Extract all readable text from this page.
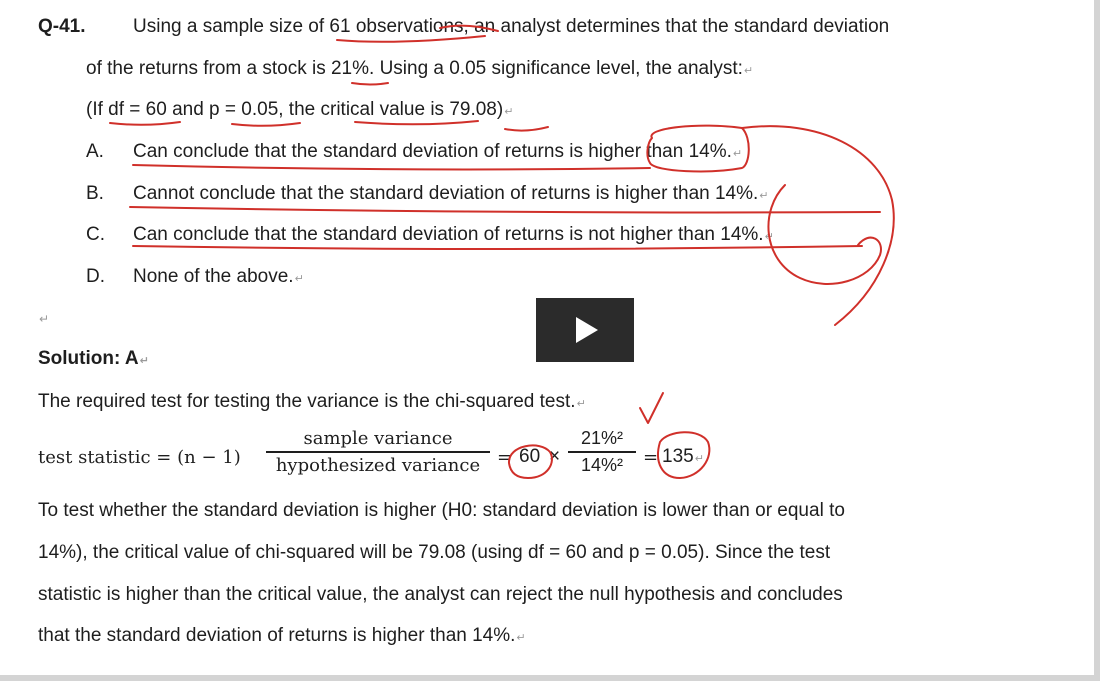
Q-41. Using a sample size of 61 observations, an analyst determines that the standard deviation
of the returns from a stock is 21%. Using a 0.05 significance level, the analyst:↵
(If df = 60 and p = 0.05, the critical value is 79.08)↵
A. Can conclude that the standard deviation of returns is higher than 14%.↵
B. Cannot conclude that the standard deviation of returns is higher than 14%.↵
C. Can conclude that the standard deviation of returns is not higher than 14%.↵
D. None of the above.↵
↵
Solution: A↵
The required test for testing the variance is the chi-squared test.↵
test statistic = (n − 1)
sample variance
hypothesized variance = 60 ×
21%²
14%²	= 135↵
To test whether the standard deviation is higher (H0: standard deviation is lower than or equal to
14%), the critical value of chi-squared will be 79.08 (using df = 60 and p = 0.05). Since the test
statistic is higher than the critical value, the analyst can reject the null hypothesis and concludes
that the standard deviation of returns is higher than 14%.↵
